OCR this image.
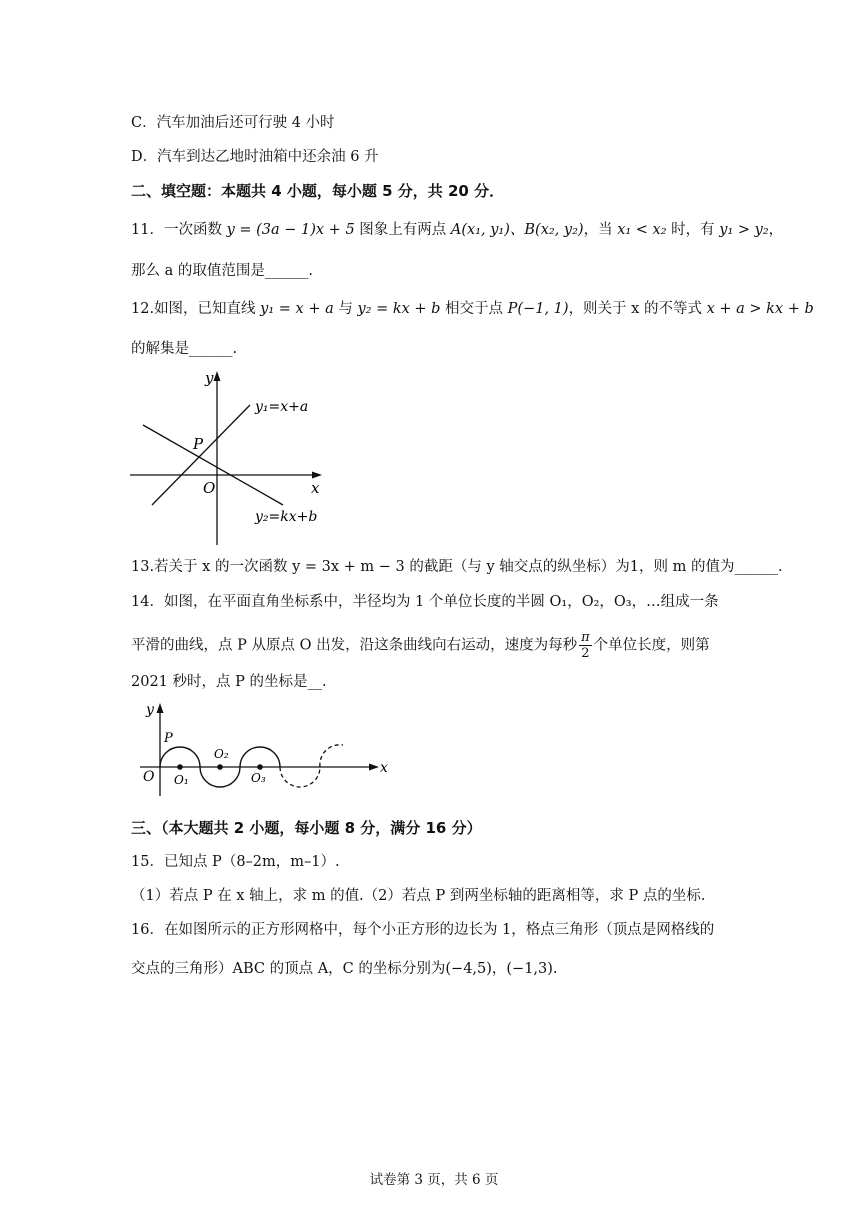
C．汽车加油后还可行驶 4 小时
D．汽车到达乙地时油箱中还余油 6 升
二、填空题：本题共 4 小题，每小题 5 分，共 20 分．
11．一次函数 y = (3a − 1)x + 5 图象上有两点 A(x₁, y₁)、B(x₂, y₂)，当 x₁ < x₂ 时，有 y₁ > y₂，
那么 a 的取值范围是______.
12.如图，已知直线 y₁ = x + a 与 y₂ = kx + b 相交于点 P(−1, 1)，则关于 x 的不等式 x + a > kx + b
的解集是______.
y
x
O
P
y₁=x+a
y₂=kx+b
13.若关于 x 的一次函数 y = 3x + m − 3 的截距（与 y 轴交点的纵坐标）为1，则 m 的值为______.
14．如图，在平面直角坐标系中，半径均为 1 个单位长度的半圆 O₁，O₂，O₃，…组成一条
平滑的曲线，点 P 从原点 O 出发，沿这条曲线向右运动，速度为每秒 $\frac{\pi}{2}$ 个单位长度，则第
2021 秒时，点 P 的坐标是__.
y
x
O
P
O₁
O₂
O₃
三、（本大题共 2 小题，每小题 8 分，满分 16 分）
15．已知点 P（8–2m，m–1）.
（1）若点 P 在 x 轴上，求 m 的值.（2）若点 P 到两坐标轴的距离相等，求 P 点的坐标.
16．在如图所示的正方形网格中，每个小正方形的边长为 1，格点三角形（顶点是网格线的
交点的三角形）ABC 的顶点 A，C 的坐标分别为(−4,5)，(−1,3).
试卷第 3 页，共 6 页
